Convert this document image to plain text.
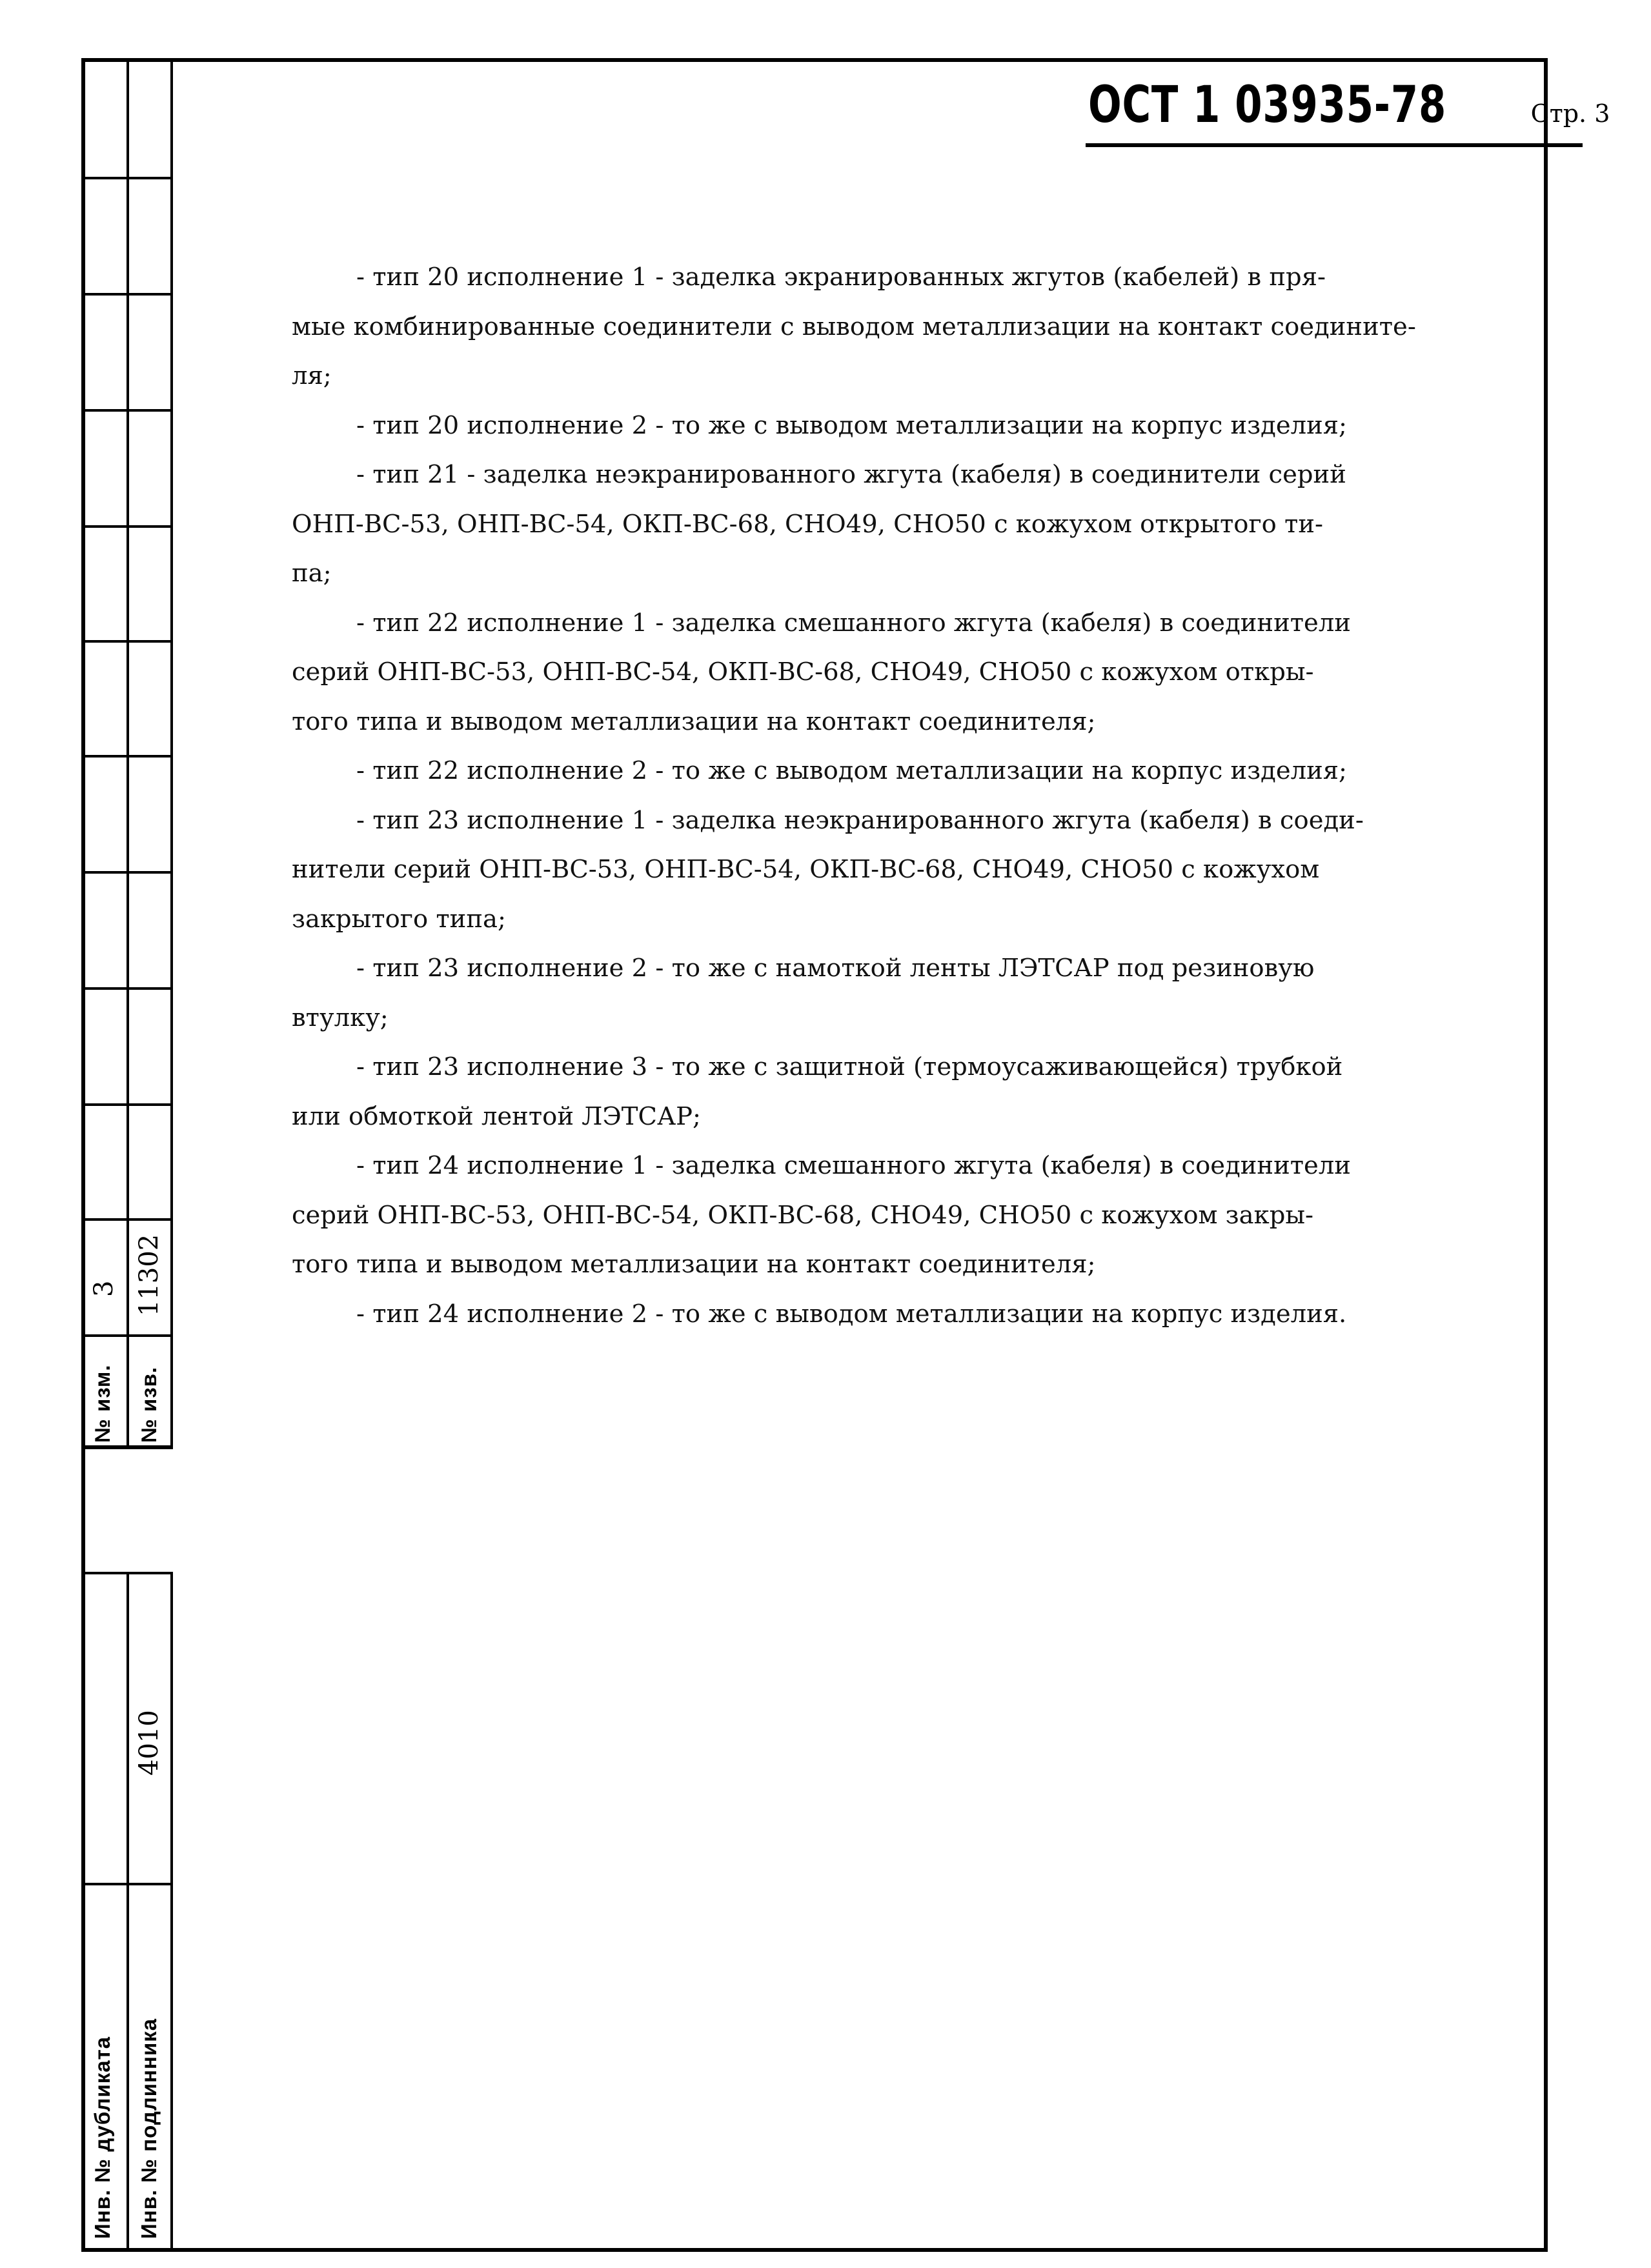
№ изм.
3
№ изв.
11302
Инв. № дубликата Инв. № подлинника
4010
ОСТ 1 03935-78	Стр. 3
- тип 20 исполнение 1 - заделка экранированных жгутов (кабелей) в пря-
мые комбинированные соединители с выводом металлизации на контакт соедините-
ля;
- тип 20 исполнение 2 - то же с выводом металлизации на корпус изделия;
- тип 21 - заделка неэкранированного жгута (кабеля) в соединители серий
ОНП-ВС-53, ОНП-ВС-54, ОКП-ВС-68, СНО49, СНО50 с кожухом открытого ти-
па;
- тип 22 исполнение 1 - заделка смешанного жгута (кабеля) в соединители
серий ОНП-ВС-53, ОНП-ВС-54, ОКП-ВС-68, СНО49, СНО50 с кожухом откры-
того типа и выводом металлизации на контакт соединителя;
- тип 22 исполнение 2 - то же с выводом металлизации на корпус изделия;
- тип 23 исполнение 1 - заделка неэкранированного жгута (кабеля) в соеди-
нители серий ОНП-ВС-53, ОНП-ВС-54, ОКП-ВС-68, СНО49, СНО50 с кожухом
закрытого типа;
- тип 23 исполнение 2 - то же с намоткой ленты ЛЭТСАР под резиновую
втулку;
- тип 23 исполнение 3 - то же с защитной (термоусаживающейся) трубкой
или обмоткой лентой ЛЭТСАР;
- тип 24 исполнение 1 - заделка смешанного жгута (кабеля) в соединители
серий ОНП-ВС-53, ОНП-ВС-54, ОКП-ВС-68, СНО49, СНО50 с кожухом закры-
того типа и выводом металлизации на контакт соединителя;
- тип 24 исполнение 2 - то же с выводом металлизации на корпус изделия.
